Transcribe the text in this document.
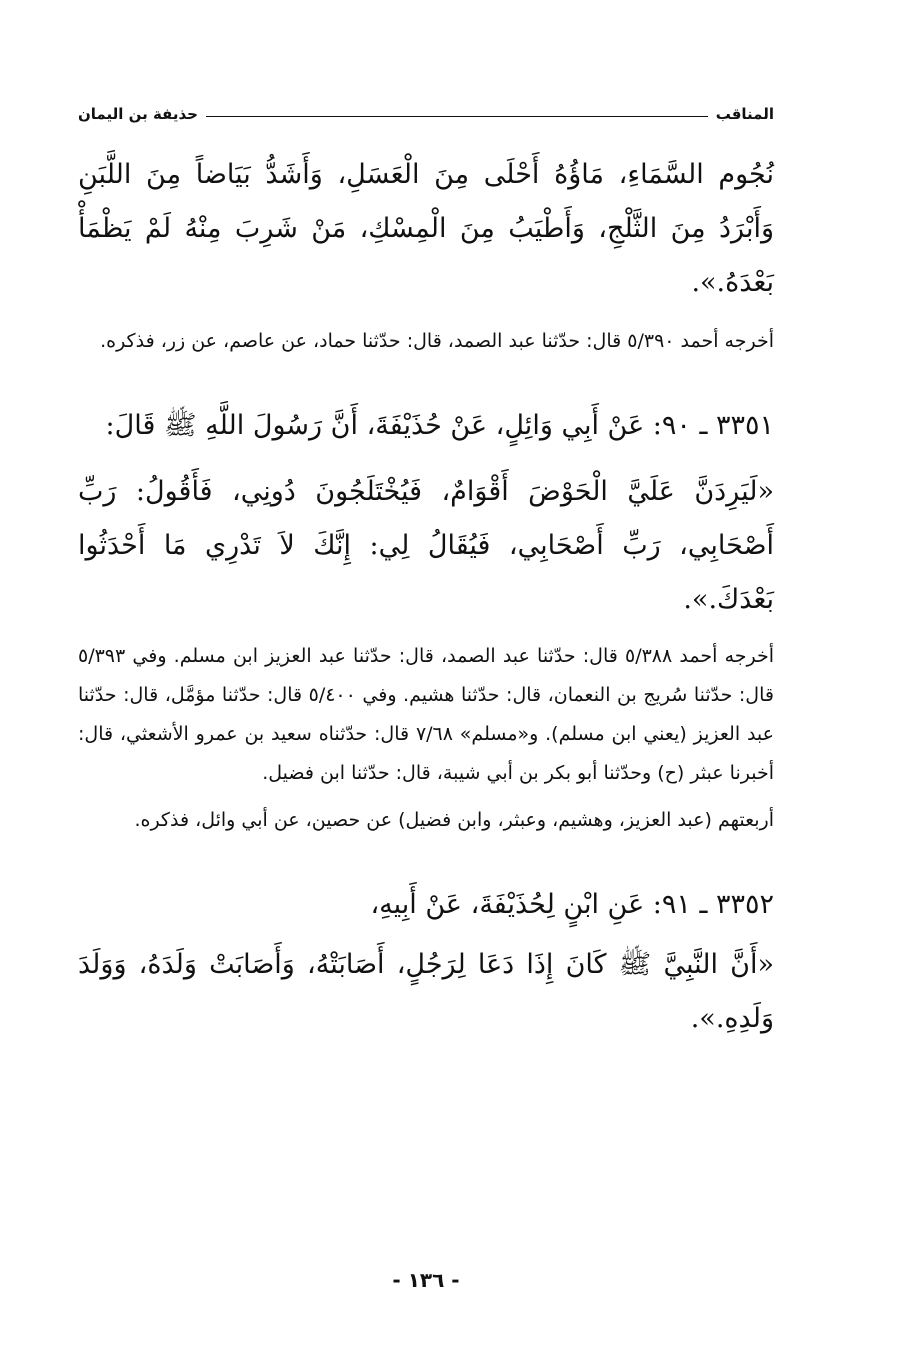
المناقب
حذيفة بن اليمان

نُجُوم السَّمَاءِ، مَاؤُهُ أَحْلَى مِنَ الْعَسَلِ، وَأَشَدُّ بَيَاضاً مِنَ اللَّبَنِ وَأَبْرَدُ مِنَ الثَّلْجِ، وَأَطْيَبُ مِنَ الْمِسْكِ، مَنْ شَرِبَ مِنْهُ لَمْ يَظْمَأْ بَعْدَهُ.».

أخرجه أحمد ٥/٣٩٠ قال: حدّثنا عبد الصمد، قال: حدّثنا حماد، عن عاصم، عن زر، فذكره.

٣٣٥١ ـ ٩٠: عَنْ أَبِي وَائِلٍ، عَنْ حُذَيْفَةَ، أَنَّ رَسُولَ اللَّهِ ﷺ قَالَ:

«لَيَرِدَنَّ عَلَيَّ الْحَوْضَ أَقْوَامٌ، فَيُخْتَلَجُونَ دُونِي، فَأَقُولُ: رَبِّ أَصْحَابِي، رَبِّ أَصْحَابِي، فَيُقَالُ لِي: إِنَّكَ لاَ تَدْرِي مَا أَحْدَثُوا بَعْدَكَ.».

أخرجه أحمد ٥/٣٨٨ قال: حدّثنا عبد الصمد، قال: حدّثنا عبد العزيز ابن مسلم. وفي ٥/٣٩٣ قال: حدّثنا سُريج بن النعمان، قال: حدّثنا هشيم. وفي ٥/٤٠٠ قال: حدّثنا مؤمَّل، قال: حدّثنا عبد العزيز (يعني ابن مسلم). و«مسلم» ٧/٦٨ قال: حدّثناه سعيد بن عمرو الأشعثي، قال: أخبرنا عبثر (ح) وحدّثنا أبو بكر بن أبي شيبة، قال: حدّثنا ابن فضيل.

أربعتهم (عبد العزيز، وهشيم، وعبثر، وابن فضيل) عن حصين، عن أبي وائل، فذكره.

٣٣٥٢ ـ ٩١: عَنِ ابْنٍ لِحُذَيْفَةَ، عَنْ أَبِيهِ،

«أَنَّ النَّبِيَّ ﷺ كَانَ إِذَا دَعَا لِرَجُلٍ، أَصَابَتْهُ، وَأَصَابَتْ وَلَدَهُ، وَوَلَدَ وَلَدِهِ.».

- ١٣٦ -
